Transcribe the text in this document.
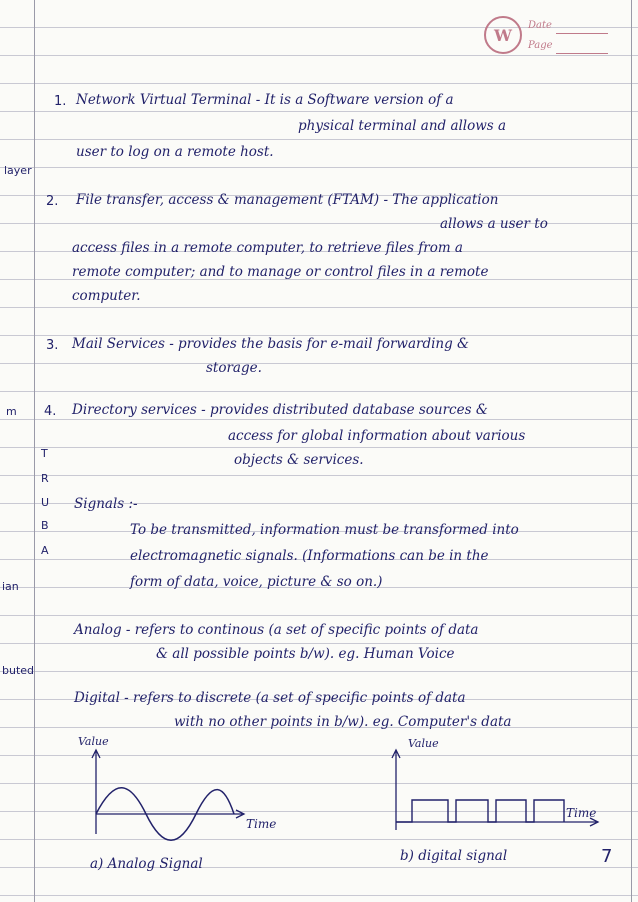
W	Date
Page
layer
m
T
R
U
B
A
ian
buted
1. Network Virtual Terminal - It is a Software version of a
physical terminal and allows a
user to log on a remote host.
2. File transfer, access & management (FTAM) - The application
allows a user to
access files in a remote computer, to retrieve files from a
remote computer; and to manage or control files in a remote
computer.
3. Mail Services - provides the basis for e-mail forwarding &
storage.
4. Directory services - provides distributed database sources &
access for global information about various
objects & services.
Signals :-
To be transmitted, information must be transformed into
electromagnetic signals. (Informations can be in the
form of data, voice, picture & so on.)
Analog - refers to continous (a set of specific points of data
& all possible points b/w). eg. Human Voice
Digital - refers to discrete (a set of specific points of data
with no other points in b/w). eg. Computer's data
Value
Time
a) Analog Signal
Value
Time
b) digital signal	7
